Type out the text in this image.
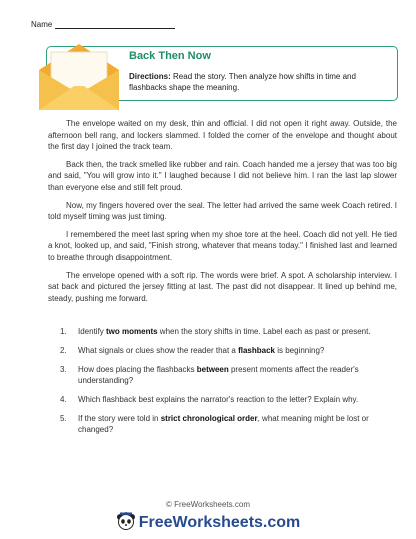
Name
Back Then Now
Directions: Read the story. Then analyze how shifts in time and flashbacks shape the meaning.

The envelope waited on my desk, thin and official. I did not open it right away. Outside, the afternoon bell rang, and lockers slammed. I folded the corner of the envelope and thought about the first day I joined the track team.

Back then, the track smelled like rubber and rain. Coach handed me a jersey that was too big and said, "You will grow into it." I laughed because I did not believe him. I ran the last lap slower than everyone else and still felt proud.

Now, my fingers hovered over the seal. The letter had arrived the same week Coach retired. I told myself timing was just timing.

I remembered the meet last spring when my shoe tore at the heel. Coach did not yell. He tied a knot, looked up, and said, "Finish strong, whatever that means today." I finished last and learned to breathe through disappointment.

The envelope opened with a soft rip. The words were brief. A spot. A scholarship interview. I sat back and pictured the jersey fitting at last. The past did not disappear. It lined up behind me, steady, pushing me forward.

1. Identify two moments when the story shifts in time. Label each as past or present.
2. What signals or clues show the reader that a flashback is beginning?
3. How does placing the flashbacks between present moments affect the reader's understanding?
4. Which flashback best explains the narrator's reaction to the letter? Explain why.
5. If the story were told in strict chronological order, what meaning might be lost or changed?
© FreeWorksheets.com
FreeWorksheets.com
